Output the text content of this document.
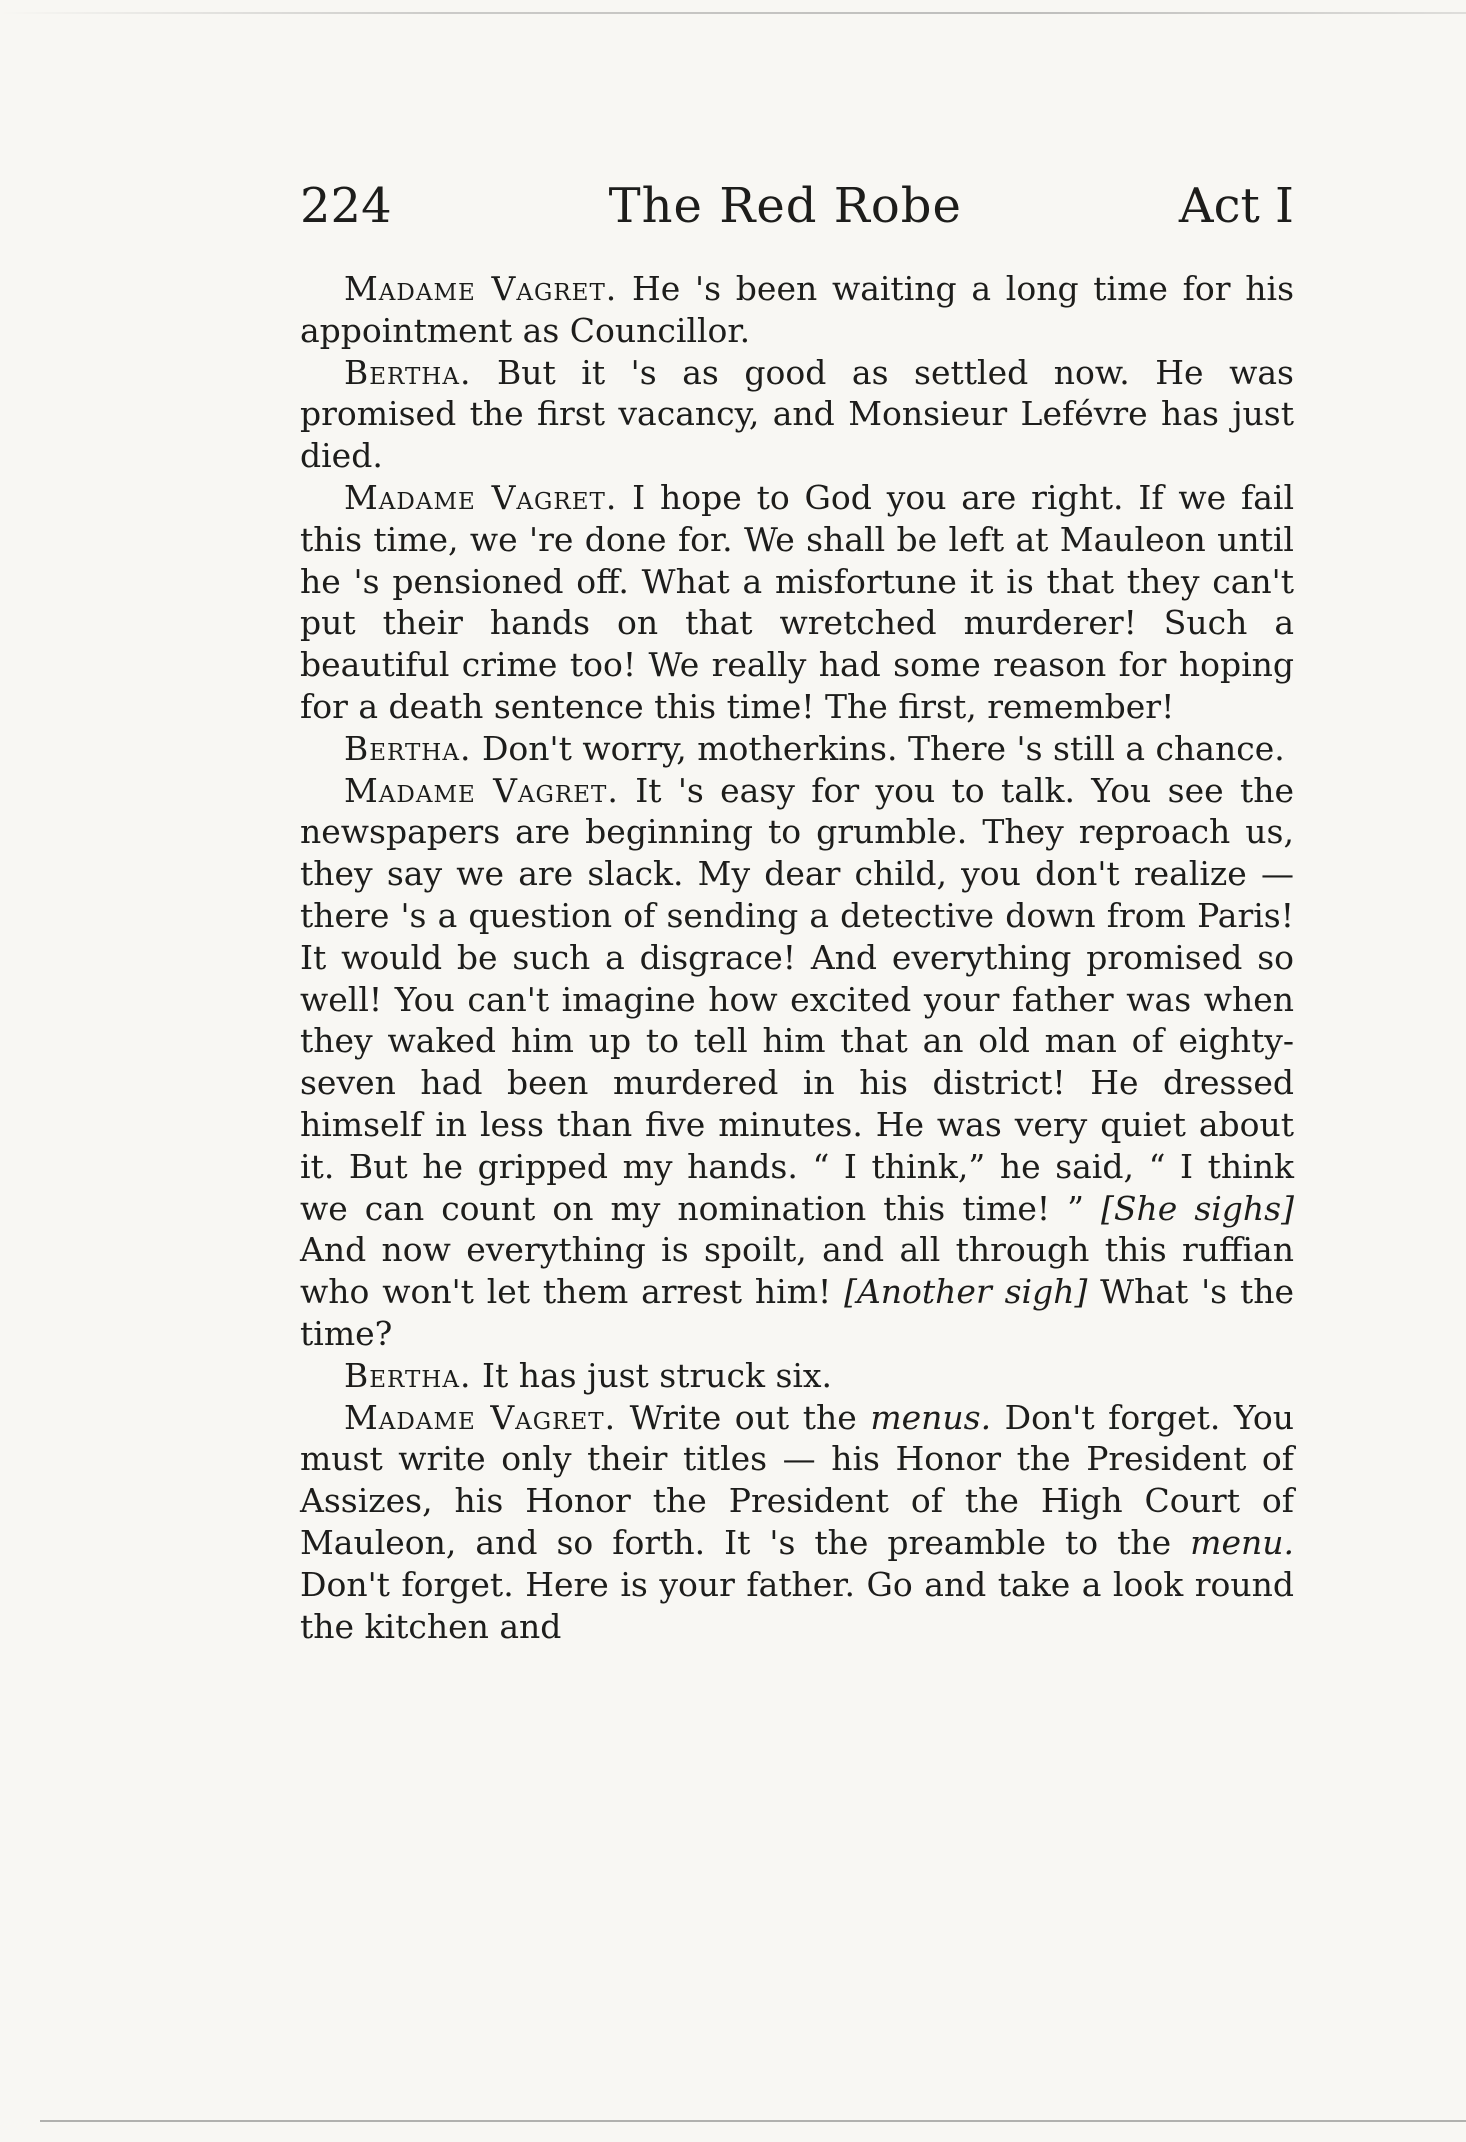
224	The Red Robe	Act I

Madame Vagret. He 's been waiting a long time for his appointment as Councillor.

Bertha. But it 's as good as settled now. He was promised the first vacancy, and Monsieur Lefévre has just died.

Madame Vagret. I hope to God you are right. If we fail this time, we 're done for. We shall be left at Mauleon until he 's pensioned off. What a misfortune it is that they can't put their hands on that wretched murderer! Such a beautiful crime too! We really had some reason for hoping for a death sentence this time! The first, remember!

Bertha. Don't worry, motherkins. There 's still a chance.

Madame Vagret. It 's easy for you to talk. You see the newspapers are beginning to grumble. They reproach us, they say we are slack. My dear child, you don't realize — there 's a question of sending a detective down from Paris! It would be such a disgrace! And everything promised so well! You can't imagine how excited your father was when they waked him up to tell him that an old man of eighty-seven had been murdered in his district! He dressed himself in less than five minutes. He was very quiet about it. But he gripped my hands. “ I think,” he said, “ I think we can count on my nomination this time! ” [She sighs] And now everything is spoilt, and all through this ruffian who won't let them arrest him! [Another sigh] What 's the time?

Bertha. It has just struck six.

Madame Vagret. Write out the menus. Don't forget. You must write only their titles — his Honor the President of Assizes, his Honor the President of the High Court of Mauleon, and so forth. It 's the preamble to the menu. Don't forget. Here is your father. Go and take a look round the kitchen and
